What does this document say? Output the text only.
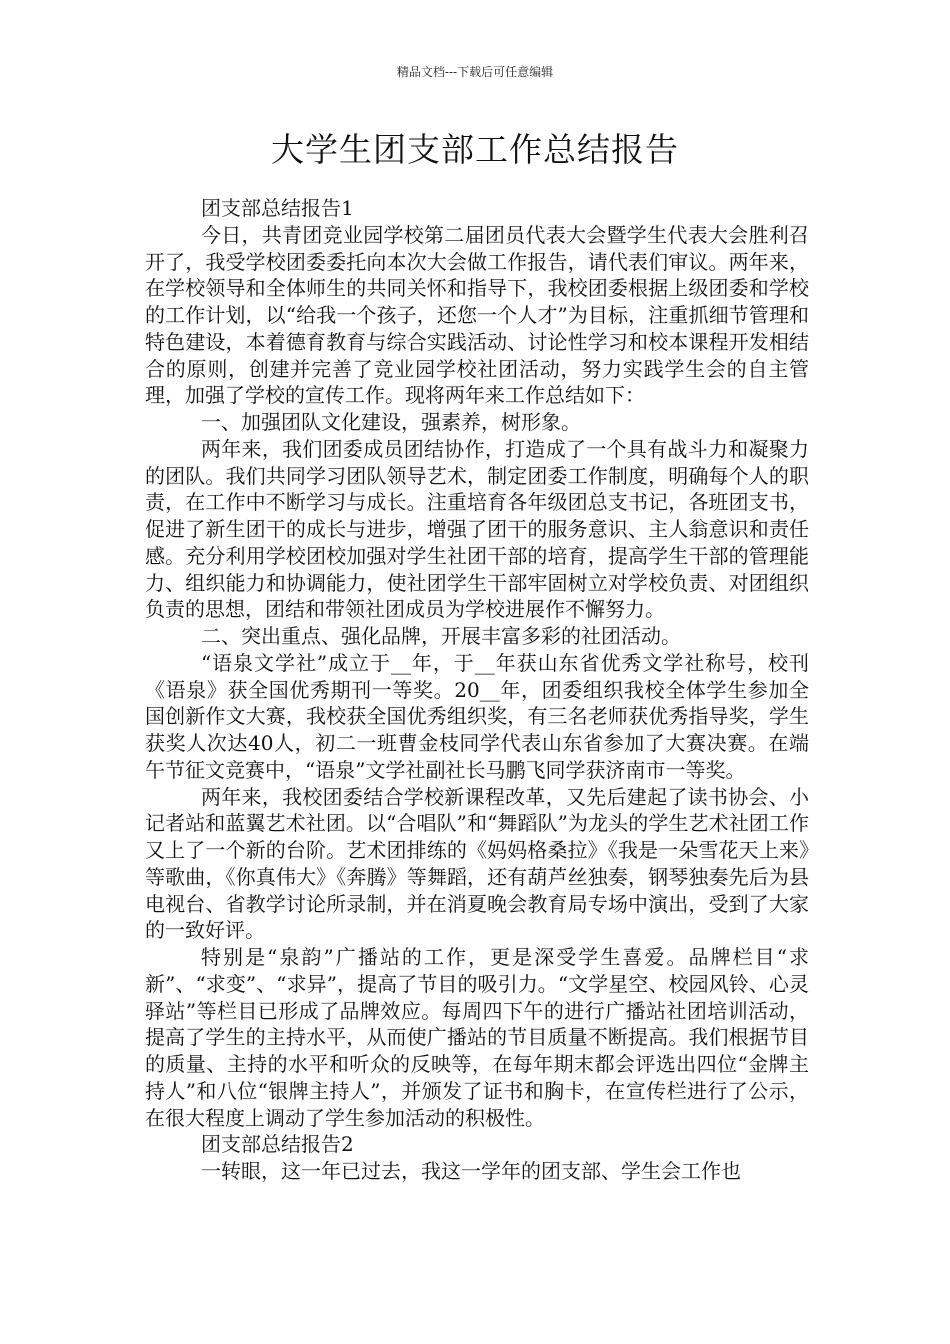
精品文档---下载后可任意编辑
大学生团支部工作总结报告

团支部总结报告1

今日，共青团竞业园学校第二届团员代表大会暨学生代表大会胜利召开了，我受学校团委委托向本次大会做工作报告，请代表们审议。两年来，在学校领导和全体师生的共同关怀和指导下，我校团委根据上级团委和学校的工作计划，以“给我一个孩子，还您一个人才”为目标，注重抓细节管理和特色建设，本着德育教育与综合实践活动、讨论性学习和校本课程开发相结合的原则，创建并完善了竞业园学校社团活动，努力实践学生会的自主管理，加强了学校的宣传工作。现将两年来工作总结如下：

一、加强团队文化建设，强素养，树形象。

两年来，我们团委成员团结协作，打造成了一个具有战斗力和凝聚力的团队。我们共同学习团队领导艺术，制定团委工作制度，明确每个人的职责，在工作中不断学习与成长。注重培育各年级团总支书记，各班团支书，促进了新生团干的成长与进步，增强了团干的服务意识、主人翁意识和责任感。充分利用学校团校加强对学生社团干部的培育，提高学生干部的管理能力、组织能力和协调能力，使社团学生干部牢固树立对学校负责、对团组织负责的思想，团结和带领社团成员为学校进展作不懈努力。

二、突出重点、强化品牌，开展丰富多彩的社团活动。

“语泉文学社”成立于__年，于__年获山东省优秀文学社称号，校刊《语泉》获全国优秀期刊一等奖。20__年，团委组织我校全体学生参加全国创新作文大赛，我校获全国优秀组织奖，有三名老师获优秀指导奖，学生获奖人次达40人，初二一班曹金枝同学代表山东省参加了大赛决赛。在端午节征文竞赛中，“语泉”文学社副社长马鹏飞同学获济南市一等奖。

两年来，我校团委结合学校新课程改革，又先后建起了读书协会、小记者站和蓝翼艺术社团。以“合唱队”和“舞蹈队”为龙头的学生艺术社团工作又上了一个新的台阶。艺术团排练的《妈妈格桑拉》《我是一朵雪花天上来》等歌曲，《你真伟大》《奔腾》等舞蹈，还有葫芦丝独奏，钢琴独奏先后为县电视台、省教学讨论所录制，并在消夏晚会教育局专场中演出，受到了大家的一致好评。

特别是“泉韵”广播站的工作，更是深受学生喜爱。品牌栏目“求新”、“求变”、“求异”，提高了节目的吸引力。“文学星空、校园风铃、心灵驿站”等栏目已形成了品牌效应。每周四下午的进行广播站社团培训活动，提高了学生的主持水平，从而使广播站的节目质量不断提高。我们根据节目的质量、主持的水平和听众的反映等，在每年期末都会评选出四位“金牌主持人”和八位“银牌主持人”，并颁发了证书和胸卡，在宣传栏进行了公示，在很大程度上调动了学生参加活动的积极性。

团支部总结报告2

一转眼，这一年已过去，我这一学年的团支部、学生会工作也
